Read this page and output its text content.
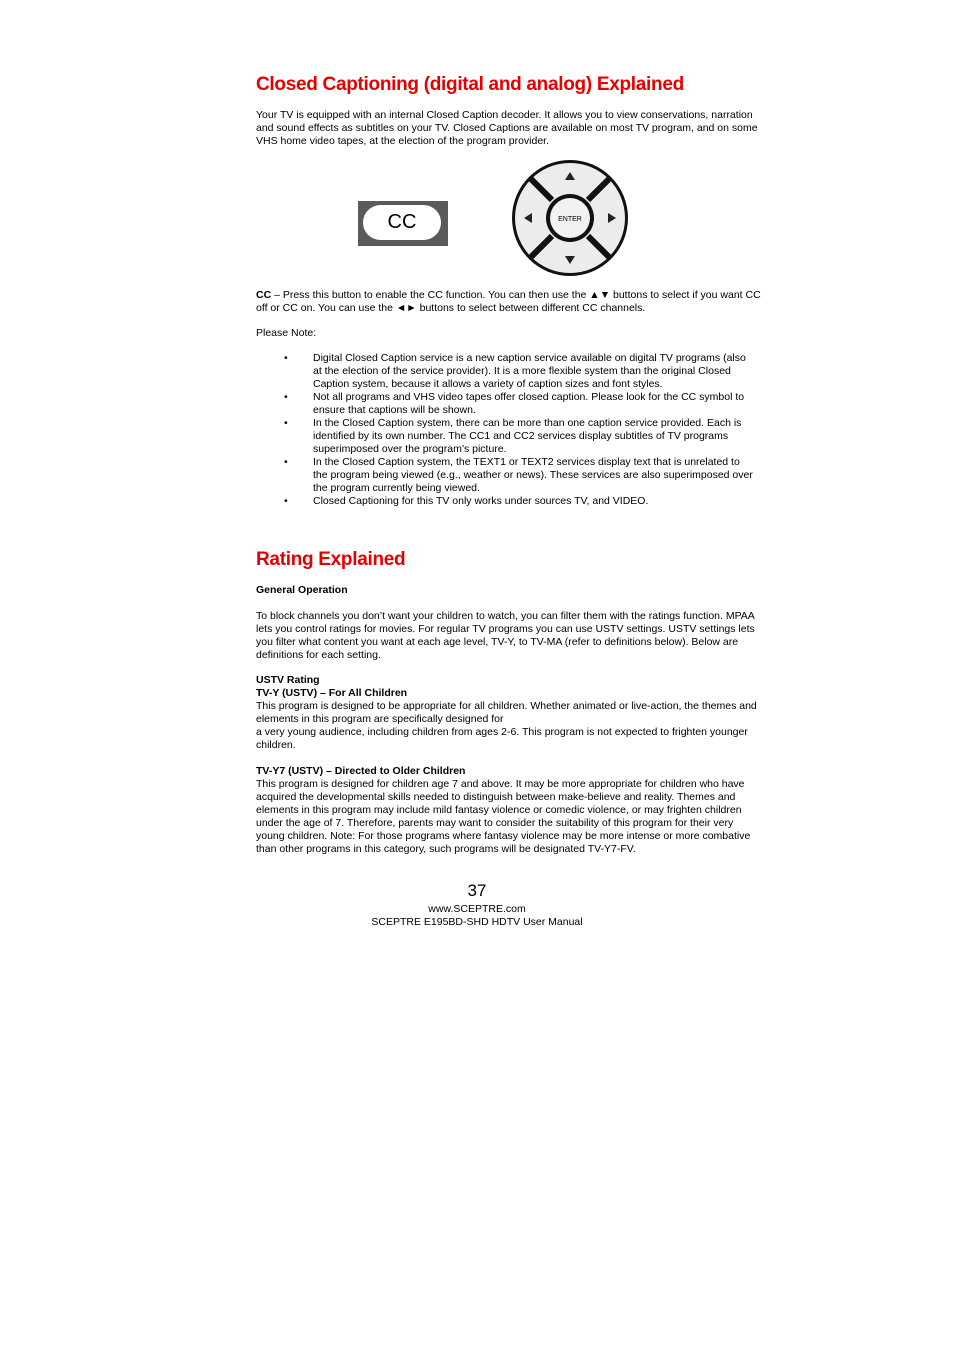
Closed Captioning (digital and analog) Explained
Your TV is equipped with an internal Closed Caption decoder. It allows you to view conservations, narration and sound effects as subtitles on your TV. Closed Captions are available on most TV program, and on some VHS home video tapes, at the election of the program provider.
CC	ENTER
CC – Press this button to enable the CC function. You can then use the ▲▼ buttons to select if you want CC off or CC on. You can use the ◄► buttons to select between different CC channels.
Please Note:
• Digital Closed Caption service is a new caption service available on digital TV programs (also at the election of the service provider). It is a more flexible system than the original Closed Caption system, because it allows a variety of caption sizes and font styles.
• Not all programs and VHS video tapes offer closed caption. Please look for the CC symbol to ensure that captions will be shown.
• In the Closed Caption system, there can be more than one caption service provided. Each is identified by its own number. The CC1 and CC2 services display subtitles of TV programs superimposed over the program’s picture.
• In the Closed Caption system, the TEXT1 or TEXT2 services display text that is unrelated to the program being viewed (e.g., weather or news). These services are also superimposed over the program currently being viewed.
• Closed Captioning for this TV only works under sources TV, and VIDEO.
Rating Explained
General Operation
To block channels you don’t want your children to watch, you can filter them with the ratings function. MPAA lets you control ratings for movies. For regular TV programs you can use USTV settings. USTV settings lets you filter what content you want at each age level, TV-Y, to TV-MA (refer to definitions below). Below are definitions for each setting.
USTV Rating
TV-Y (USTV) – For All Children
This program is designed to be appropriate for all children. Whether animated or live-action, the themes and elements in this program are specifically designed for
a very young audience, including children from ages 2-6. This program is not expected to frighten younger children.
TV-Y7 (USTV) – Directed to Older Children
This program is designed for children age 7 and above. It may be more appropriate for children who have acquired the developmental skills needed to distinguish between make-believe and reality. Themes and elements in this program may include mild fantasy violence or comedic violence, or may frighten children under the age of 7. Therefore, parents may want to consider the suitability of this program for their very young children. Note: For those programs where fantasy violence may be more intense or more combative than other programs in this category, such programs will be designated TV-Y7-FV.
37
www.SCEPTRE.com
SCEPTRE E195BD-SHD HDTV User Manual
